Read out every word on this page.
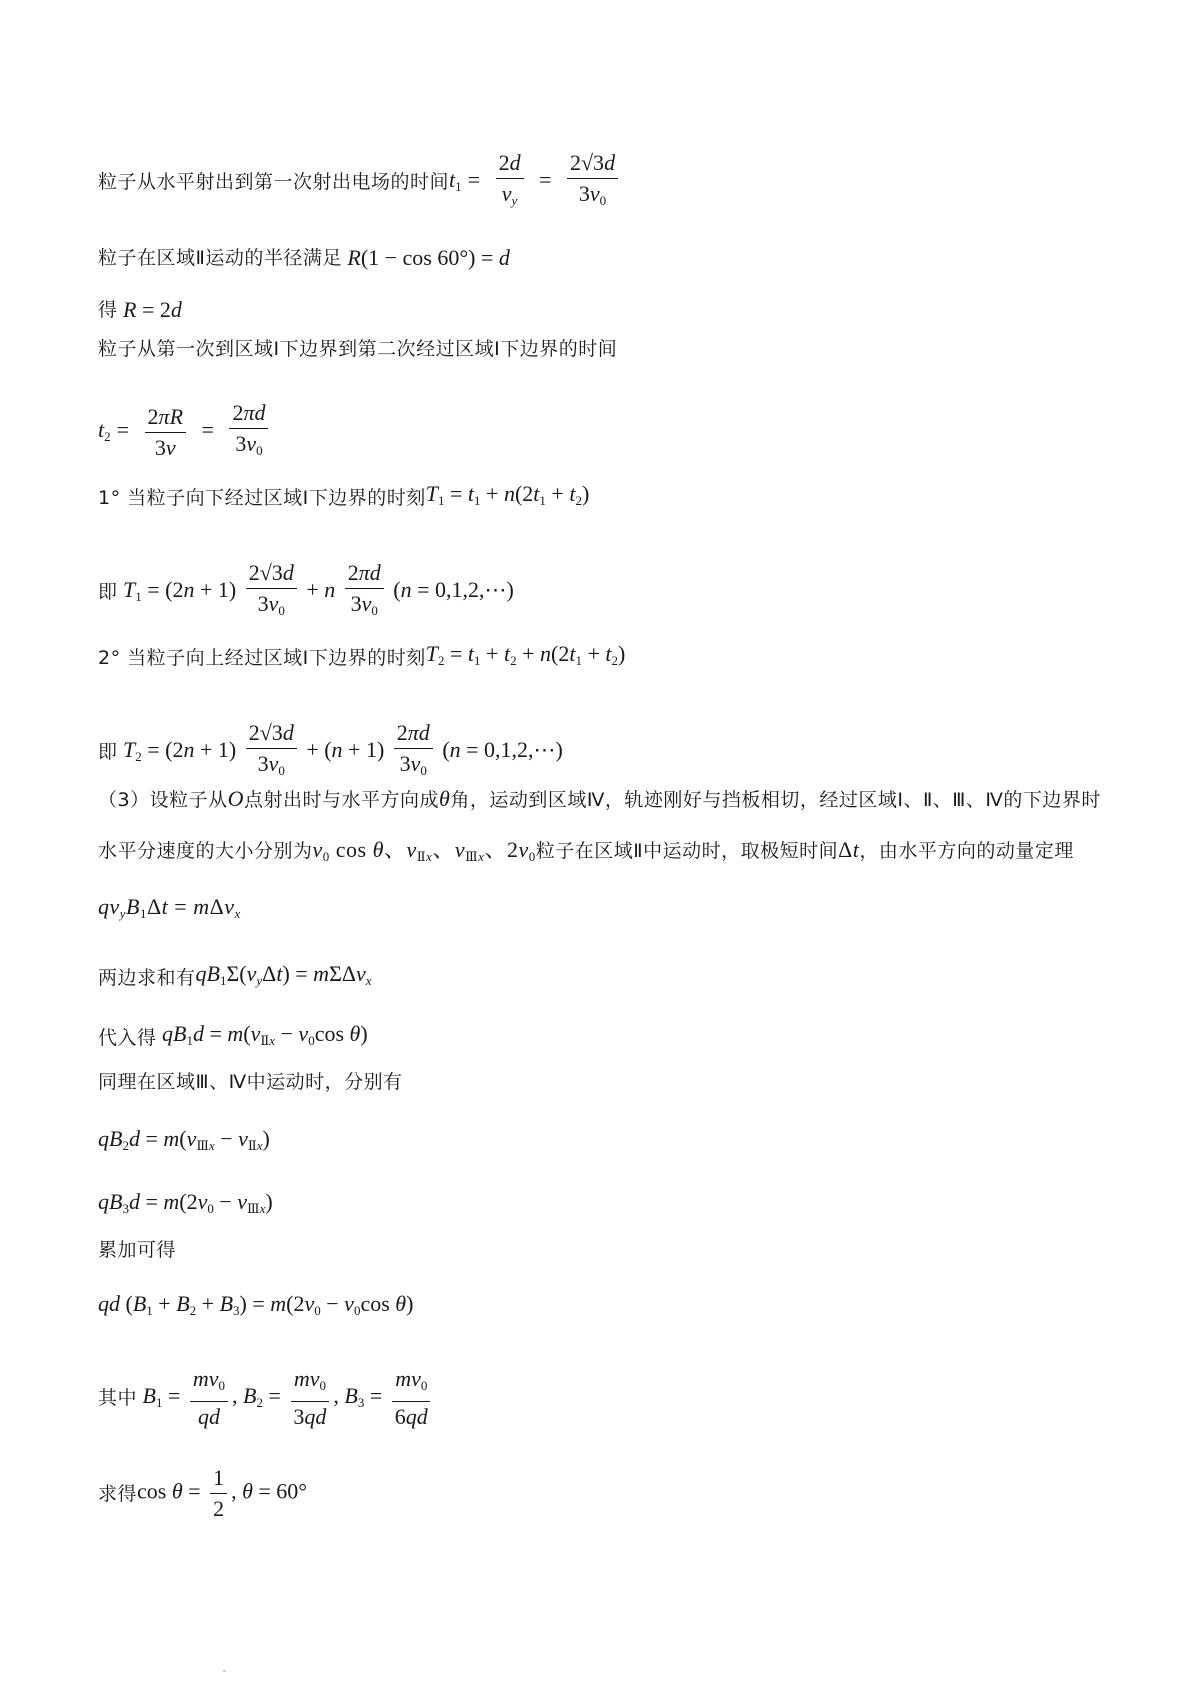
粒子从水平射出到第一次射出电场的时间 $t_1 = \frac{2d}{v_y} = \frac{2√3d}{3v_0}$
粒子在区域Ⅱ运动的半径满足 R(1 − cos 60°) = d
得 R = 2d
粒子从第一次到区域Ⅰ下边界到第二次经过区域Ⅰ下边界的时间
$t_2 = \frac{2\pi R}{3v} = \frac{2\pi d}{3v_0}$
1° 当粒子向下经过区域Ⅰ下边界的时刻 $T_1 = t_1 + n(2t_1 + t_2)$
即 $T_1 = (2n + 1) \frac{2√3d}{3v_0} + n \frac{2\pi d}{3v_0} (n$ = 0,1,2,⋯)
2° 当粒子向上经过区域Ⅰ下边界的时刻 $T_2 = t_1 + t_2 + n(2t_1 + t_2)$
即 $T_2 = (2n + 1) \frac{2√3d}{3v_0} + (n + 1) \frac{2\pi d}{3v_0} (n$ = 0,1,2,⋯)
（3）设粒子从O点射出时与水平方向成θ角，运动到区域Ⅳ，轨迹刚好与挡板相切，经过区域Ⅰ、Ⅱ、Ⅲ、Ⅳ的下边界时水平分速度的大小分别为$v_0$ cos θ、$v_{Ⅱx}$、$v_{Ⅲx}$、$2v_0$粒子在区域Ⅱ中运动时，取极短时间Δt，由水平方向的动量定理$qv_yB_1\Delta t = m\Delta v_x$
两边求和有 $qB_1\Sigma(v_y\Delta t) = m\Sigma\Delta v_x$
代入得 $qB_1d = m(v_{Ⅱx} - v_0\cos$ θ)
同理在区域Ⅲ、Ⅳ中运动时，分别有
$qB_2d = m(v_{Ⅲx} - v_{Ⅱx})$
$qB_3d = m(2v_0 - v_{Ⅲx})$
累加可得
qd $(B_1 + B_2 + B_3) = m(2v_0 - v_0\cos$ θ)
其中 $B_1 = \frac{mv_0}{qd}$ , $B_2 = \frac{mv_0}{3qd}$ , $B_3 = \frac{mv_0}{6qd}$
求得 $\cos \theta = \frac{1}{2}$ , θ = 60°
